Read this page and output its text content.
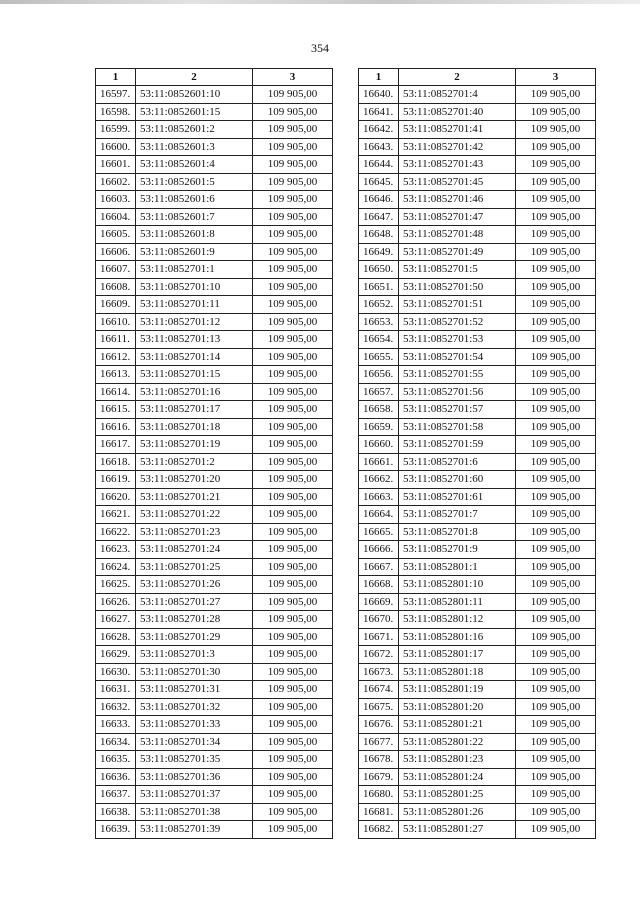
354
1	2	3
16597.	53:11:0852601:10	109 905,00
16598.	53:11:0852601:15	109 905,00
16599.	53:11:0852601:2	109 905,00
16600.	53:11:0852601:3	109 905,00
16601.	53:11:0852601:4	109 905,00
16602.	53:11:0852601:5	109 905,00
16603.	53:11:0852601:6	109 905,00
16604.	53:11:0852601:7	109 905,00
16605.	53:11:0852601:8	109 905,00
16606.	53:11:0852601:9	109 905,00
16607.	53:11:0852701:1	109 905,00
16608.	53:11:0852701:10	109 905,00
16609.	53:11:0852701:11	109 905,00
16610.	53:11:0852701:12	109 905,00
16611.	53:11:0852701:13	109 905,00
16612.	53:11:0852701:14	109 905,00
16613.	53:11:0852701:15	109 905,00
16614.	53:11:0852701:16	109 905,00
16615.	53:11:0852701:17	109 905,00
16616.	53:11:0852701:18	109 905,00
16617.	53:11:0852701:19	109 905,00
16618.	53:11:0852701:2	109 905,00
16619.	53:11:0852701:20	109 905,00
16620.	53:11:0852701:21	109 905,00
16621.	53:11:0852701:22	109 905,00
16622.	53:11:0852701:23	109 905,00
16623.	53:11:0852701:24	109 905,00
16624.	53:11:0852701:25	109 905,00
16625.	53:11:0852701:26	109 905,00
16626.	53:11:0852701:27	109 905,00
16627.	53:11:0852701:28	109 905,00
16628.	53:11:0852701:29	109 905,00
16629.	53:11:0852701:3	109 905,00
16630.	53:11:0852701:30	109 905,00
16631.	53:11:0852701:31	109 905,00
16632.	53:11:0852701:32	109 905,00
16633.	53:11:0852701:33	109 905,00
16634.	53:11:0852701:34	109 905,00
16635.	53:11:0852701:35	109 905,00
16636.	53:11:0852701:36	109 905,00
16637.	53:11:0852701:37	109 905,00
16638.	53:11:0852701:38	109 905,00
16639.	53:11:0852701:39	109 905,00
1	2	3
16640.	53:11:0852701:4	109 905,00
16641.	53:11:0852701:40	109 905,00
16642.	53:11:0852701:41	109 905,00
16643.	53:11:0852701:42	109 905,00
16644.	53:11:0852701:43	109 905,00
16645.	53:11:0852701:45	109 905,00
16646.	53:11:0852701:46	109 905,00
16647.	53:11:0852701:47	109 905,00
16648.	53:11:0852701:48	109 905,00
16649.	53:11:0852701:49	109 905,00
16650.	53:11:0852701:5	109 905,00
16651.	53:11:0852701:50	109 905,00
16652.	53:11:0852701:51	109 905,00
16653.	53:11:0852701:52	109 905,00
16654.	53:11:0852701:53	109 905,00
16655.	53:11:0852701:54	109 905,00
16656.	53:11:0852701:55	109 905,00
16657.	53:11:0852701:56	109 905,00
16658.	53:11:0852701:57	109 905,00
16659.	53:11:0852701:58	109 905,00
16660.	53:11:0852701:59	109 905,00
16661.	53:11:0852701:6	109 905,00
16662.	53:11:0852701:60	109 905,00
16663.	53:11:0852701:61	109 905,00
16664.	53:11:0852701:7	109 905,00
16665.	53:11:0852701:8	109 905,00
16666.	53:11:0852701:9	109 905,00
16667.	53:11:0852801:1	109 905,00
16668.	53:11:0852801:10	109 905,00
16669.	53:11:0852801:11	109 905,00
16670.	53:11:0852801:12	109 905,00
16671.	53:11:0852801:16	109 905,00
16672.	53:11:0852801:17	109 905,00
16673.	53:11:0852801:18	109 905,00
16674.	53:11:0852801:19	109 905,00
16675.	53:11:0852801:20	109 905,00
16676.	53:11:0852801:21	109 905,00
16677.	53:11:0852801:22	109 905,00
16678.	53:11:0852801:23	109 905,00
16679.	53:11:0852801:24	109 905,00
16680.	53:11:0852801:25	109 905,00
16681.	53:11:0852801:26	109 905,00
16682.	53:11:0852801:27	109 905,00
